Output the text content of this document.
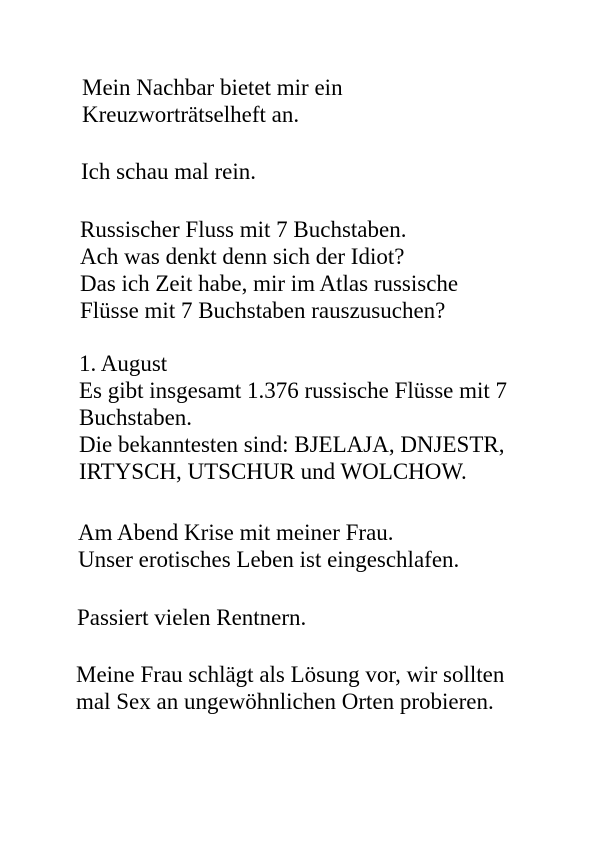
Mein Nachbar bietet mir ein
Kreuzworträtselheft an.

Ich schau mal rein.

Russischer Fluss mit 7 Buchstaben.
Ach was denkt denn sich der Idiot?
Das ich Zeit habe, mir im Atlas russische
Flüsse mit 7 Buchstaben rauszusuchen?

1. August
Es gibt insgesamt 1.376 russische Flüsse mit 7
Buchstaben.
Die bekanntesten sind: BJELAJA, DNJESTR,
IRTYSCH, UTSCHUR und WOLCHOW.

Am Abend Krise mit meiner Frau.
Unser erotisches Leben ist eingeschlafen.

Passiert vielen Rentnern.

Meine Frau schlägt als Lösung vor, wir sollten
mal Sex an ungewöhnlichen Orten probieren.
